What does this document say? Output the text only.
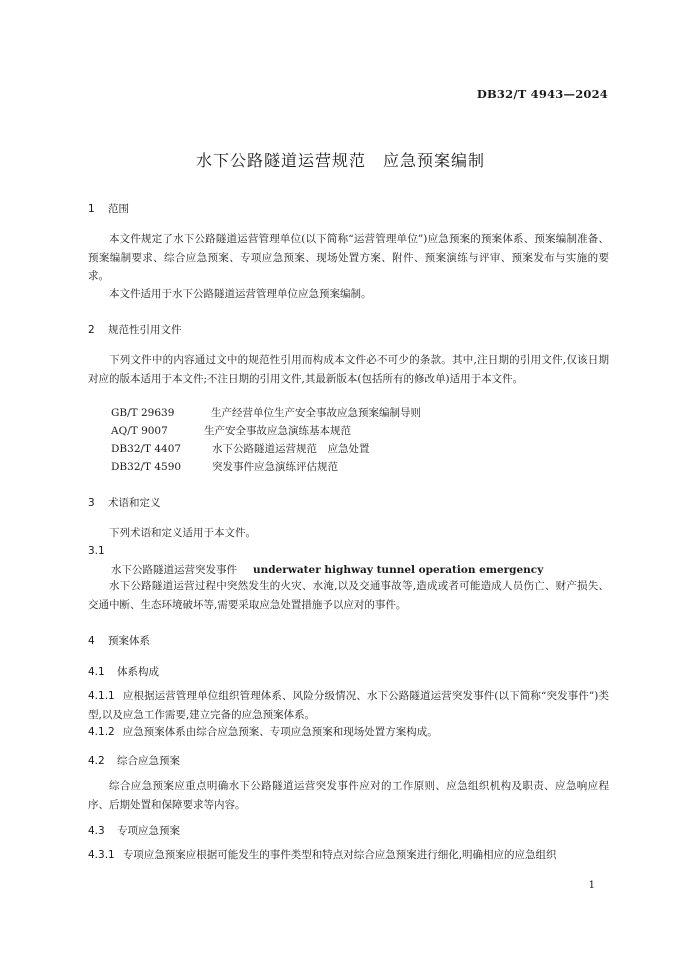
DB32/T 4943—2024
水下公路隧道运营规范　应急预案编制
1 范围
本文件规定了水下公路隧道运营管理单位(以下简称“运营管理单位”)应急预案的预案体系、预案编制准备、预案编制要求、综合应急预案、专项应急预案、现场处置方案、附件、预案演练与评审、预案发布与实施的要求。
本文件适用于水下公路隧道运营管理单位应急预案编制。
2 规范性引用文件
下列文件中的内容通过文中的规范性引用而构成本文件必不可少的条款。其中,注日期的引用文件,仅该日期对应的版本适用于本文件;不注日期的引用文件,其最新版本(包括所有的修改单)适用于本文件。
GB/T 29639	生产经营单位生产安全事故应急预案编制导则
AQ/T 9007	生产安全事故应急演练基本规范
DB32/T 4407	水下公路隧道运营规范　应急处置
DB32/T 4590	突发事件应急演练评估规范
3 术语和定义
下列术语和定义适用于本文件。
3.1
水下公路隧道运营突发事件 underwater highway tunnel operation emergency
水下公路隧道运营过程中突然发生的火灾、水淹,以及交通事故等,造成或者可能造成人员伤亡、财产损失、交通中断、生态环境破坏等,需要采取应急处置措施予以应对的事件。
4 预案体系
4.1 体系构成
4.1.1 应根据运营管理单位组织管理体系、风险分级情况、水下公路隧道运营突发事件(以下简称“突发事件”)类型,以及应急工作需要,建立完备的应急预案体系。
4.1.2 应急预案体系由综合应急预案、专项应急预案和现场处置方案构成。
4.2 综合应急预案
综合应急预案应重点明确水下公路隧道运营突发事件应对的工作原则、应急组织机构及职责、应急响应程序、后期处置和保障要求等内容。
4.3 专项应急预案
4.3.1 专项应急预案应根据可能发生的事件类型和特点对综合应急预案进行细化,明确相应的应急组织
1
